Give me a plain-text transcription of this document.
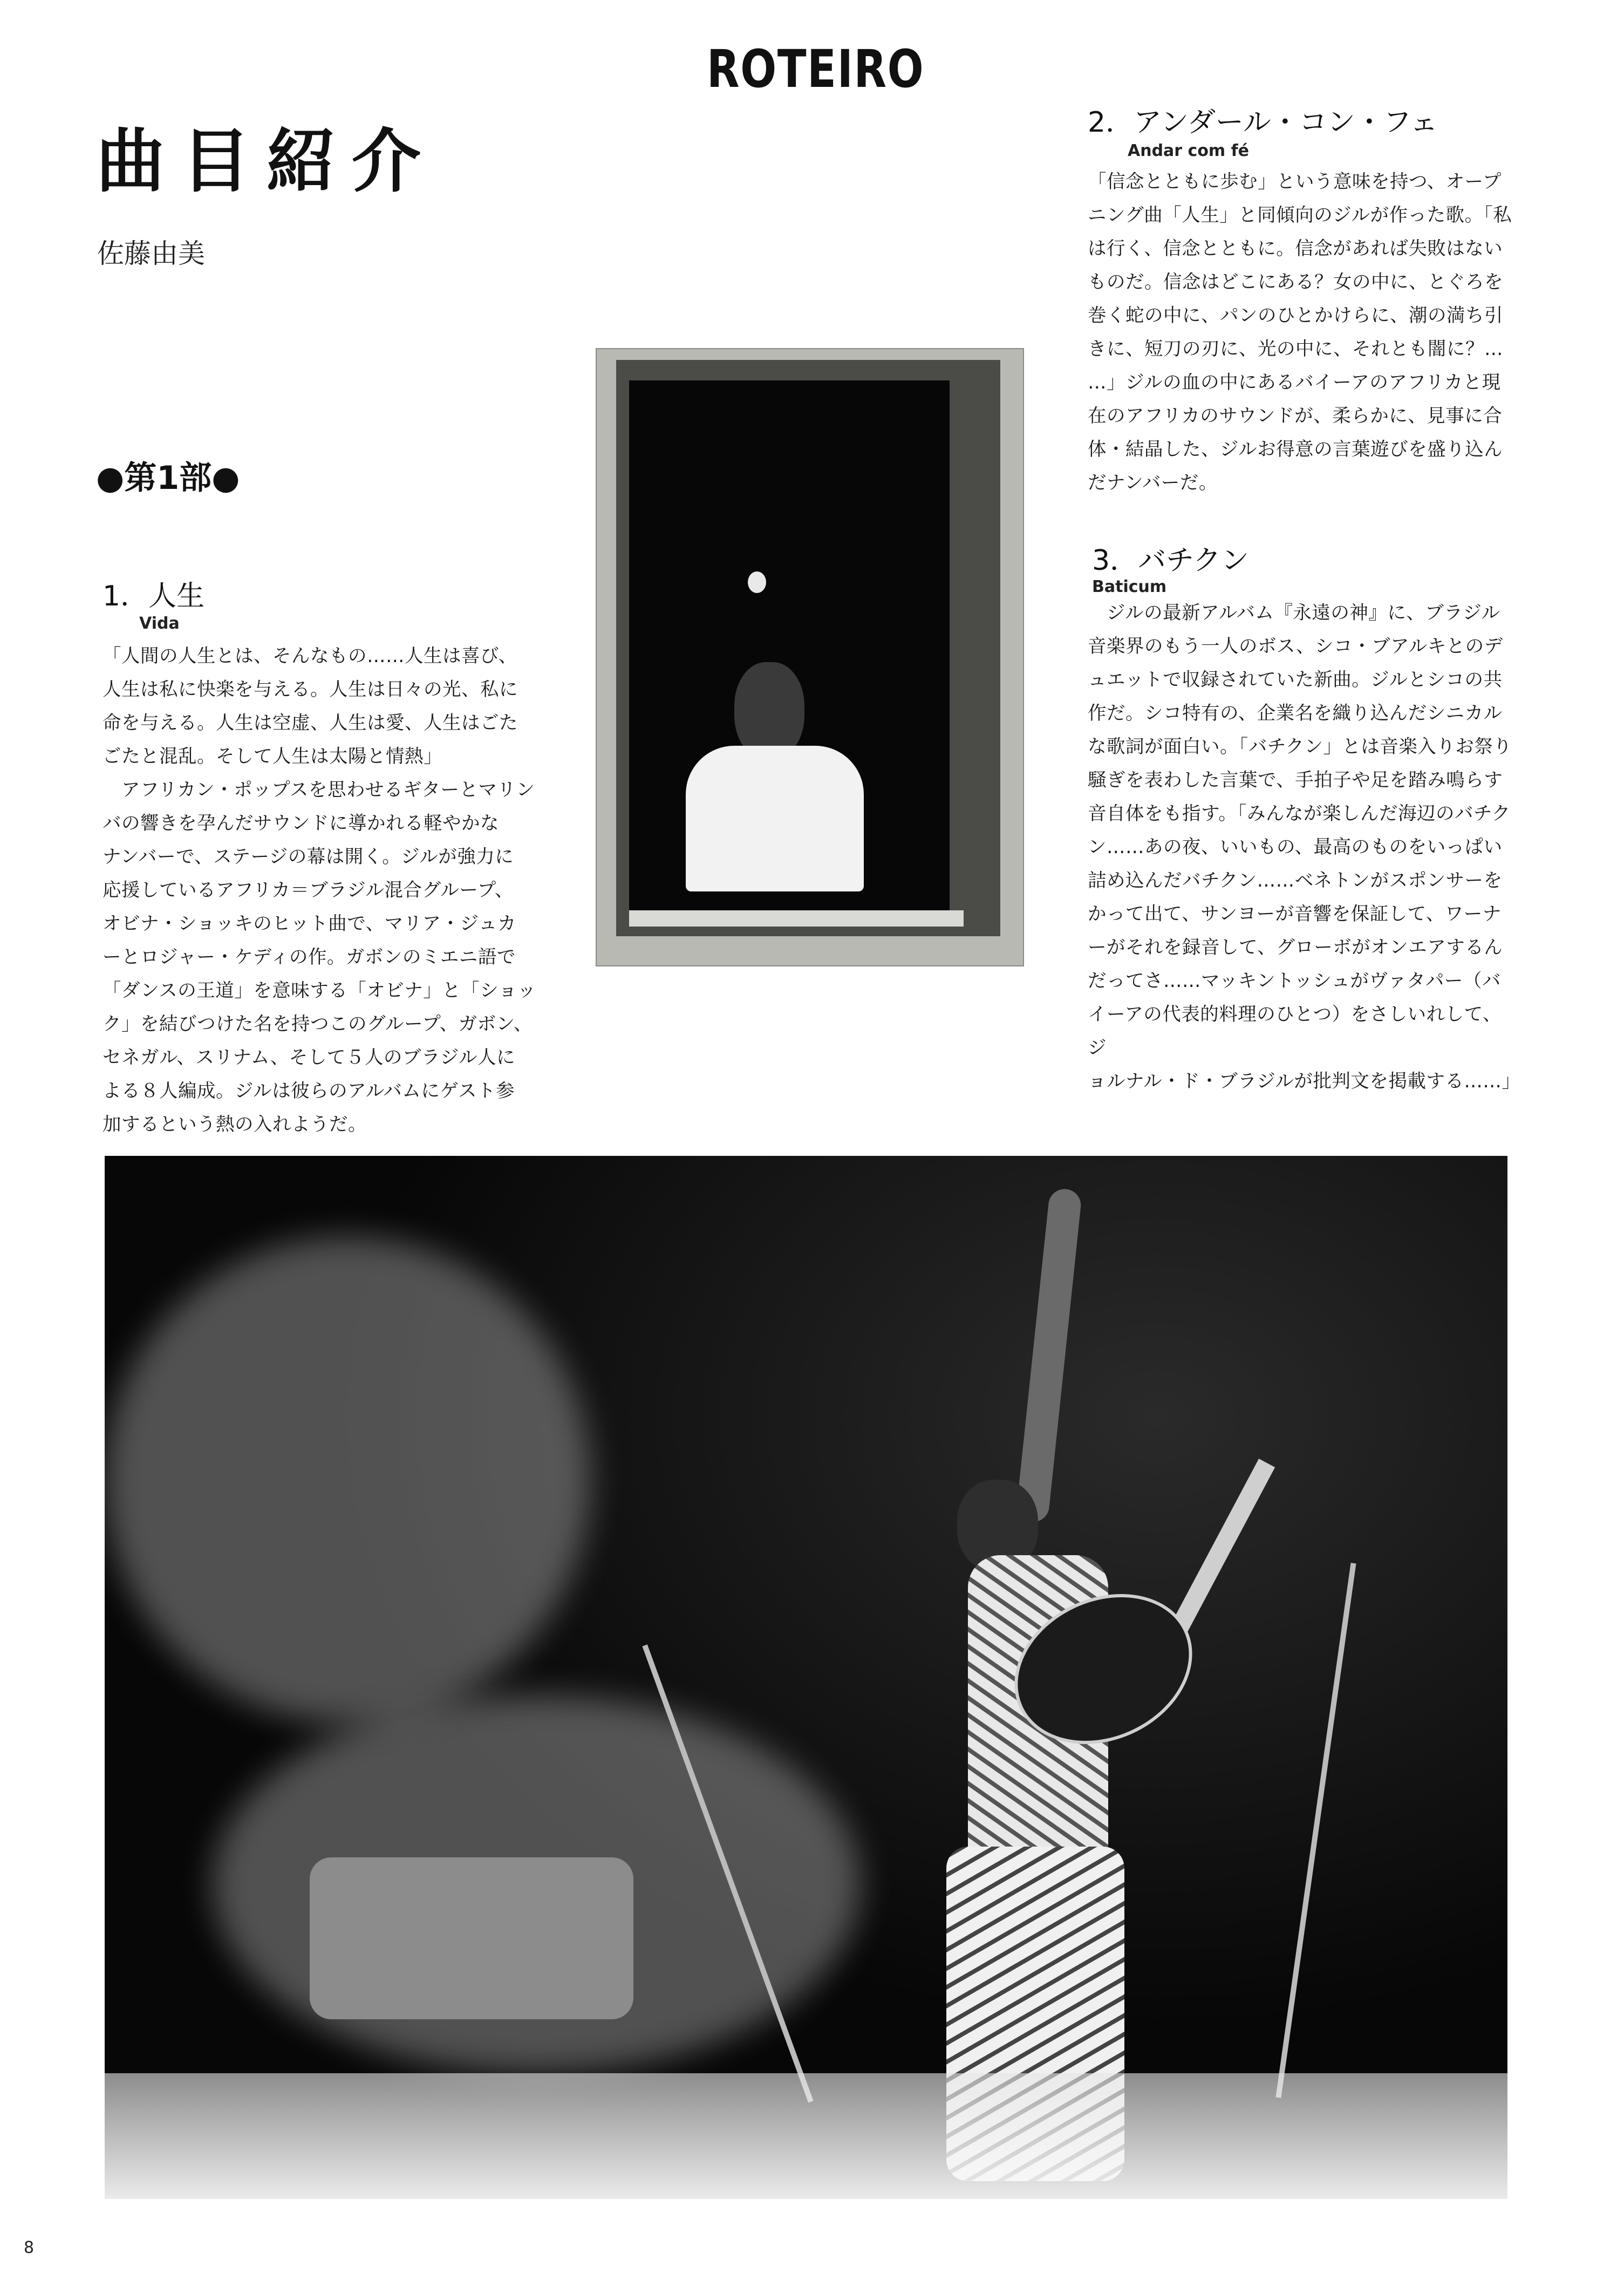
ROTEIRO
曲目紹介
佐藤由美
●第1部●
1．人生
Vida
「人間の人生とは、そんなもの……人生は喜び、
人生は私に快楽を与える。人生は日々の光、私に
命を与える。人生は空虚、人生は愛、人生はごた
ごたと混乱。そして人生は太陽と情熱」
　アフリカン・ポップスを思わせるギターとマリン
バの響きを孕んだサウンドに導かれる軽やかな
ナンバーで、ステージの幕は開く。ジルが強力に
応援しているアフリカ＝ブラジル混合グループ、
オビナ・ショッキのヒット曲で、マリア・ジュカ
ーとロジャー・ケディの作。ガボンのミエニ語で
「ダンスの王道」を意味する「オビナ」と「ショッ
ク」を結びつけた名を持つこのグループ、ガボン、
セネガル、スリナム、そして５人のブラジル人に
よる８人編成。ジルは彼らのアルバムにゲスト参
加するという熱の入れようだ。
2．アンダール・コン・フェ
Andar com fé
「信念とともに歩む」という意味を持つ、オープ
ニング曲「人生」と同傾向のジルが作った歌。「私
は行く、信念とともに。信念があれば失敗はない
ものだ。信念はどこにある？女の中に、とぐろを
巻く蛇の中に、パンのひとかけらに、潮の満ち引
きに、短刀の刃に、光の中に、それとも闇に？…
…」ジルの血の中にあるバイーアのアフリカと現
在のアフリカのサウンドが、柔らかに、見事に合
体・結晶した、ジルお得意の言葉遊びを盛り込ん
だナンバーだ。
3．バチクン
Baticum
　ジルの最新アルバム『永遠の神』に、ブラジル
音楽界のもう一人のボス、シコ・ブアルキとのデ
ュエットで収録されていた新曲。ジルとシコの共
作だ。シコ特有の、企業名を織り込んだシニカル
な歌詞が面白い。「バチクン」とは音楽入りお祭り
騒ぎを表わした言葉で、手拍子や足を踏み鳴らす
音自体をも指す。「みんなが楽しんだ海辺のバチク
ン……あの夜、いいもの、最高のものをいっぱい
詰め込んだバチクン……ベネトンがスポンサーを
かって出て、サンヨーが音響を保証して、ワーナ
ーがそれを録音して、グローボがオンエアするん
だってさ……マッキントッシュがヴァタパー（バ
イーアの代表的料理のひとつ）をさしいれして、ジ
ョルナル・ド・ブラジルが批判文を掲載する……」
8
